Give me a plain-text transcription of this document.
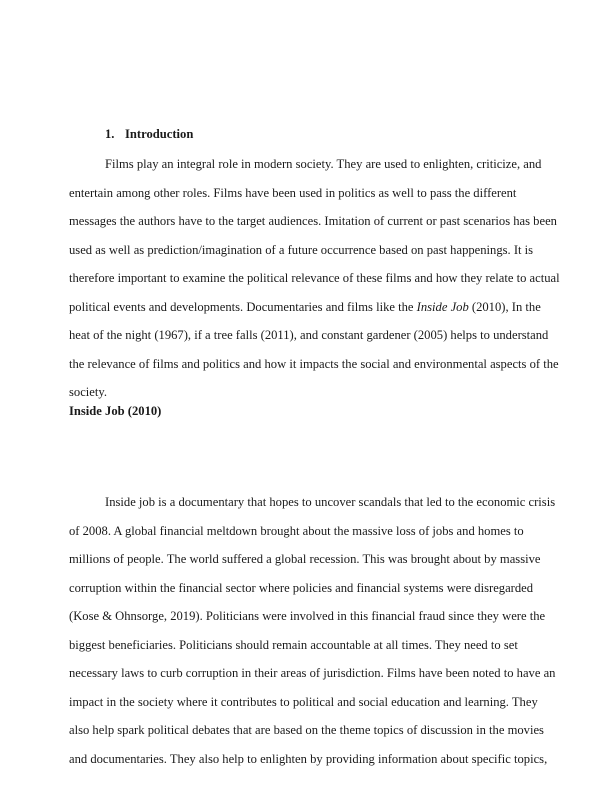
1. Introduction
Films play an integral role in modern society. They are used to enlighten, criticize, and
entertain among other roles. Films have been used in politics as well to pass the different
messages the authors have to the target audiences. Imitation of current or past scenarios has been
used as well as prediction/imagination of a future occurrence based on past happenings. It is
therefore important to examine the political relevance of these films and how they relate to actual
political events and developments. Documentaries and films like the Inside Job (2010), In the
heat of the night (1967), if a tree falls (2011), and constant gardener (2005) helps to understand
the relevance of films and politics and how it impacts the social and environmental aspects of the
society.
Inside Job (2010)
Inside job is a documentary that hopes to uncover scandals that led to the economic crisis
of 2008. A global financial meltdown brought about the massive loss of jobs and homes to
millions of people. The world suffered a global recession. This was brought about by massive
corruption within the financial sector where policies and financial systems were disregarded
(Kose & Ohnsorge, 2019). Politicians were involved in this financial fraud since they were the
biggest beneficiaries. Politicians should remain accountable at all times. They need to set
necessary laws to curb corruption in their areas of jurisdiction. Films have been noted to have an
impact in the society where it contributes to political and social education and learning. They
also help spark political debates that are based on the theme topics of discussion in the movies
and documentaries. They also help to enlighten by providing information about specific topics,
